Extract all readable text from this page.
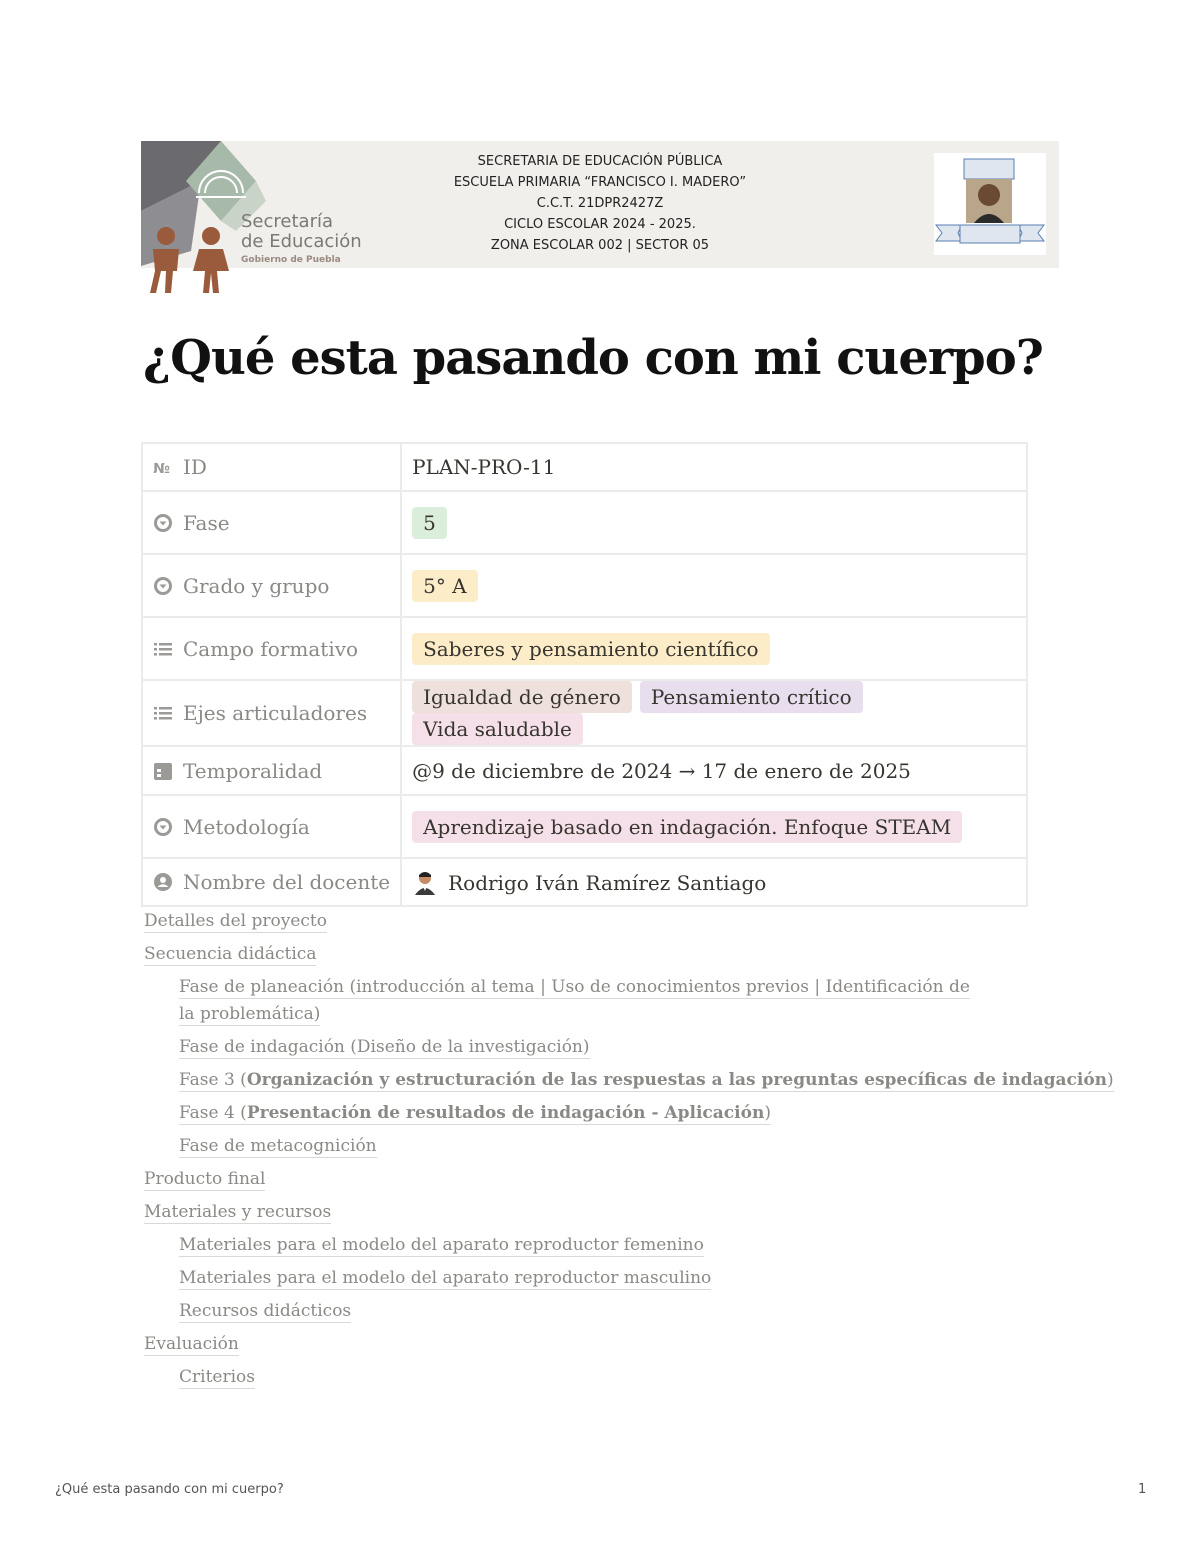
Secretaría
de Educación
Gobierno de Puebla
SECRETARIA DE EDUCACIÓN PÚBLICA
ESCUELA PRIMARIA “FRANCISCO I. MADERO”
C.C.T. 21DPR2427Z
CICLO ESCOLAR 2024 - 2025.
ZONA ESCOLAR 002 | SECTOR 05
¿Qué esta pasando con mi cuerpo?
№ ID	PLAN-PRO-11
Fase	5
Grado y grupo	5° A
Campo formativo	Saberes y pensamiento científico
Ejes articuladores	Igualdad de género Pensamiento críticoVida saludable
Temporalidad	@9 de diciembre de 2024 → 17 de enero de 2025
Metodología	Aprendizaje basado en indagación. Enfoque STEAM
Nombre del docente	Rodrigo Iván Ramírez Santiago
Detalles del proyecto
Secuencia didáctica
Fase de planeación (introducción al tema | Uso de conocimientos previos | Identificación de la problemática)
Fase de indagación (Diseño de la investigación)
Fase 3 (Organización y estructuración de las respuestas a las preguntas específicas de indagación)
Fase 4 (Presentación de resultados de indagación - Aplicación)
Fase de metacognición
Producto final
Materiales y recursos
Materiales para el modelo del aparato reproductor femenino
Materiales para el modelo del aparato reproductor masculino
Recursos didácticos
Evaluación
Criterios
¿Qué esta pasando con mi cuerpo?	1
